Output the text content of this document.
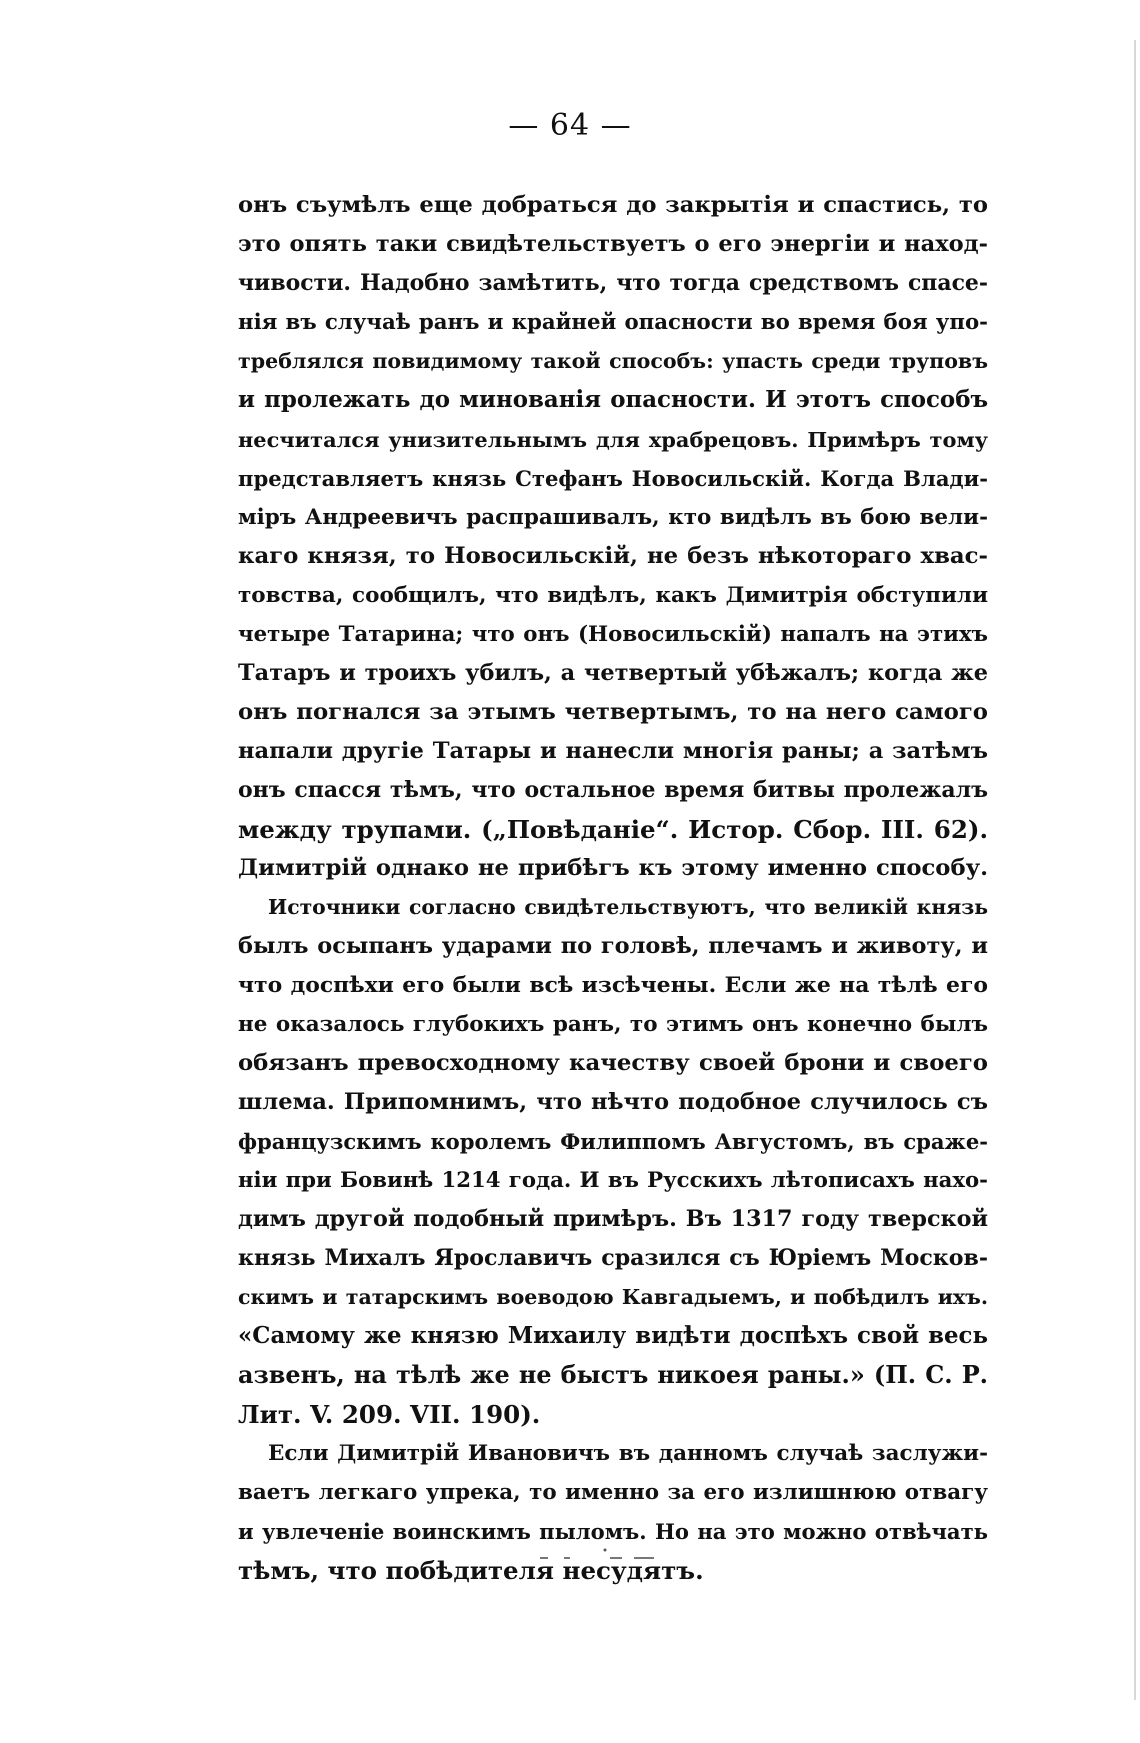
— 64 —
онъ съумѣлъ еще добраться до закрытія и спастись, то
это опять таки свидѣтельствуетъ о его энергіи и наход-
чивости. Надобно замѣтить, что тогда средствомъ спасе-
нія въ случаѣ ранъ и крайней опасности во время боя упо-
треблялся повидимому такой способъ: упасть среди труповъ
и пролежать до минованія опасности. И этотъ способъ
несчитался унизительнымъ для храбрецовъ. Примѣръ тому
представляетъ князь Стефанъ Новосильскій. Когда Влади-
міръ Андреевичъ распрашивалъ, кто видѣлъ въ бою вели-
каго князя, то Новосильскій, не безъ нѣкотораго хвас-
товства, сообщилъ, что видѣлъ, какъ Димитрія обступили
четыре Татарина; что онъ (Новосильскій) напалъ на этихъ
Татаръ и троихъ убилъ, а четвертый убѣжалъ; когда же
онъ погнался за этымъ четвертымъ, то на него самого
напали другіе Татары и нанесли многія раны; а затѣмъ
онъ спасся тѣмъ, что остальное время битвы пролежалъ
между трупами. („Повѣданіе“. Истор. Сбор. III. 62).
Димитрій однако не прибѣгъ къ этому именно способу.
Источники согласно свидѣтельствуютъ, что великій князь
былъ осыпанъ ударами по головѣ, плечамъ и животу, и
что доспѣхи его были всѣ изсѣчены. Если же на тѣлѣ его
не оказалось глубокихъ ранъ, то этимъ онъ конечно былъ
обязанъ превосходному качеству своей брони и своего
шлема. Припомнимъ, что нѣчто подобное случилось съ
французскимъ королемъ Филиппомъ Августомъ, въ сраже-
ніи при Бовинѣ 1214 года. И въ Русскихъ лѣтописахъ нахо-
димъ другой подобный примѣръ. Въ 1317 году тверской
князь Михалъ Ярославичъ сразился съ Юріемъ Москов-
скимъ и татарскимъ воеводою Кавгадыемъ, и побѣдилъ ихъ.
«Самому же князю Михаилу видѣти доспѣхъ свой весь
азвенъ, на тѣлѣ же не быстъ никоея раны.» (П. С. Р.
Лит. V. 209. VII. 190).
Если Димитрій Ивановичъ въ данномъ случаѣ заслужи-
ваетъ легкаго упрека, то именно за его излишнюю отвагу
и увлеченіе воинскимъ пыломъ. Но на это можно отвѣчать
тѣмъ, что побѣдителя несудятъ.
